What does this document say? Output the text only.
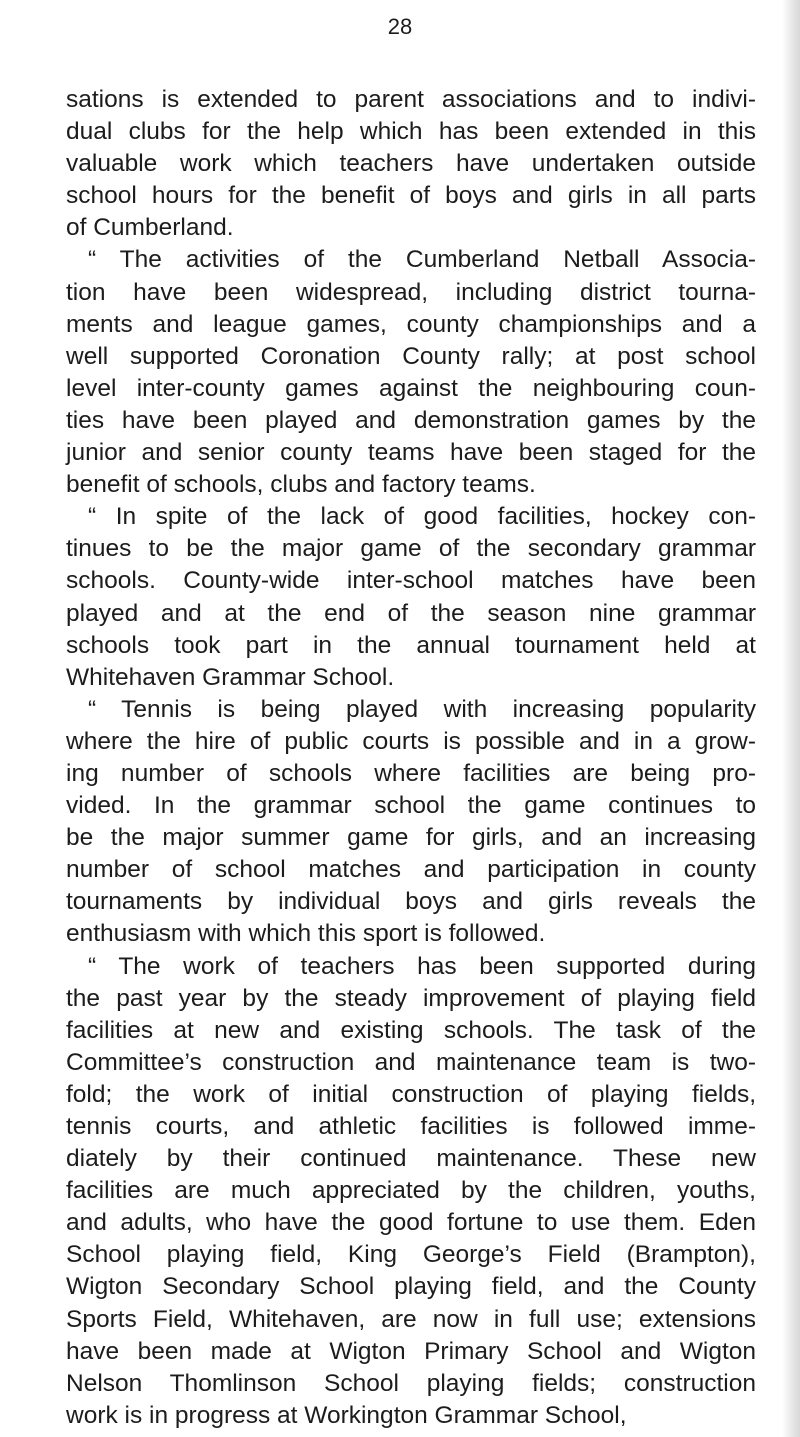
28
sations is extended to parent associations and to indivi-
dual clubs for the help which has been extended in this
valuable work which teachers have undertaken outside
school hours for the benefit of boys and girls in all parts
of Cumberland.
“ The activities of the Cumberland Netball Associa-
tion have been widespread, including district tourna-
ments and league games, county championships and a
well supported Coronation County rally; at post school
level inter-county games against the neighbouring coun-
ties have been played and demonstration games by the
junior and senior county teams have been staged for the
benefit of schools, clubs and factory teams.
“ In spite of the lack of good facilities, hockey con-
tinues to be the major game of the secondary grammar
schools. County-wide inter-school matches have been
played and at the end of the season nine grammar
schools took part in the annual tournament held at
Whitehaven Grammar School.
“ Tennis is being played with increasing popularity
where the hire of public courts is possible and in a grow-
ing number of schools where facilities are being pro-
vided. In the grammar school the game continues to
be the major summer game for girls, and an increasing
number of school matches and participation in county
tournaments by individual boys and girls reveals the
enthusiasm with which this sport is followed.
“ The work of teachers has been supported during
the past year by the steady improvement of playing field
facilities at new and existing schools. The task of the
Committee’s construction and maintenance team is two-
fold; the work of initial construction of playing fields,
tennis courts, and athletic facilities is followed imme-
diately by their continued maintenance. These new
facilities are much appreciated by the children, youths,
and adults, who have the good fortune to use them. Eden
School playing field, King George’s Field (Brampton),
Wigton Secondary School playing field, and the County
Sports Field, Whitehaven, are now in full use; extensions
have been made at Wigton Primary School and Wigton
Nelson Thomlinson School playing fields; construction
work is in progress at Workington Grammar School,
